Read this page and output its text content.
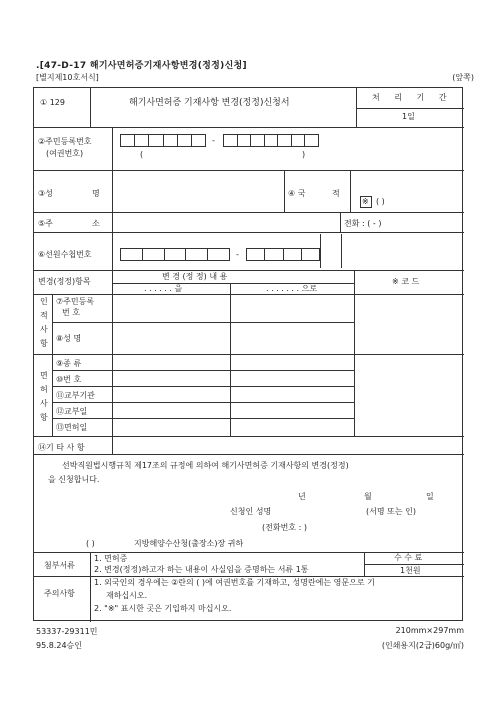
.[47-D-17 해기사면허증기재사항변경(정정)신청]
[별지제10호서식]	(앞쪽)
① 129	해기사면허증 기재사항 변경(정정)신청서
처 리 기 간
1일
②주민등록번호
(여권번호)
-
(	)
③성	명	④ 국	적
※ ( )
⑤주	소	전화 : ( - )
⑥선원수첩번호	-
변경(정정)항목
변 경 (정 정) 내 용
. . . . . . 을	. . . . . . . 으로
※ 코 드
인
적
사
항
⑦주민등록
번 호
⑧성 명
면
허
사
항
⑨종 류
⑩번 호
⑪교부기관
⑫교부일
⑬면허일
⑭기 타 사 항
선박직원법시행규칙 제17조의 규정에 의하여 해기사면허증 기재사항의 변경(정정)
을 신청합니다.
년	월	일
신청인 성명	(서명 또는 인)
(전화번호 : )
( )	지방해양수산청(출장소)장 귀하
첨부서류
1. 면허증
2. 변경(정정)하고자 하는 내용이 사실임을 증명하는 서류 1통
수 수 료
1천원
주의사항
1. 외국인의 경우에는 ②란의 ( )에 여권번호를 기재하고, 성명란에는 영문으로 기
재하십시오.
2. "※" 표시한 곳은 기입하지 마십시오.
53337-29311민
95.8.24승인
210mm×297mm
(인쇄용지(2급)60g/㎡)
